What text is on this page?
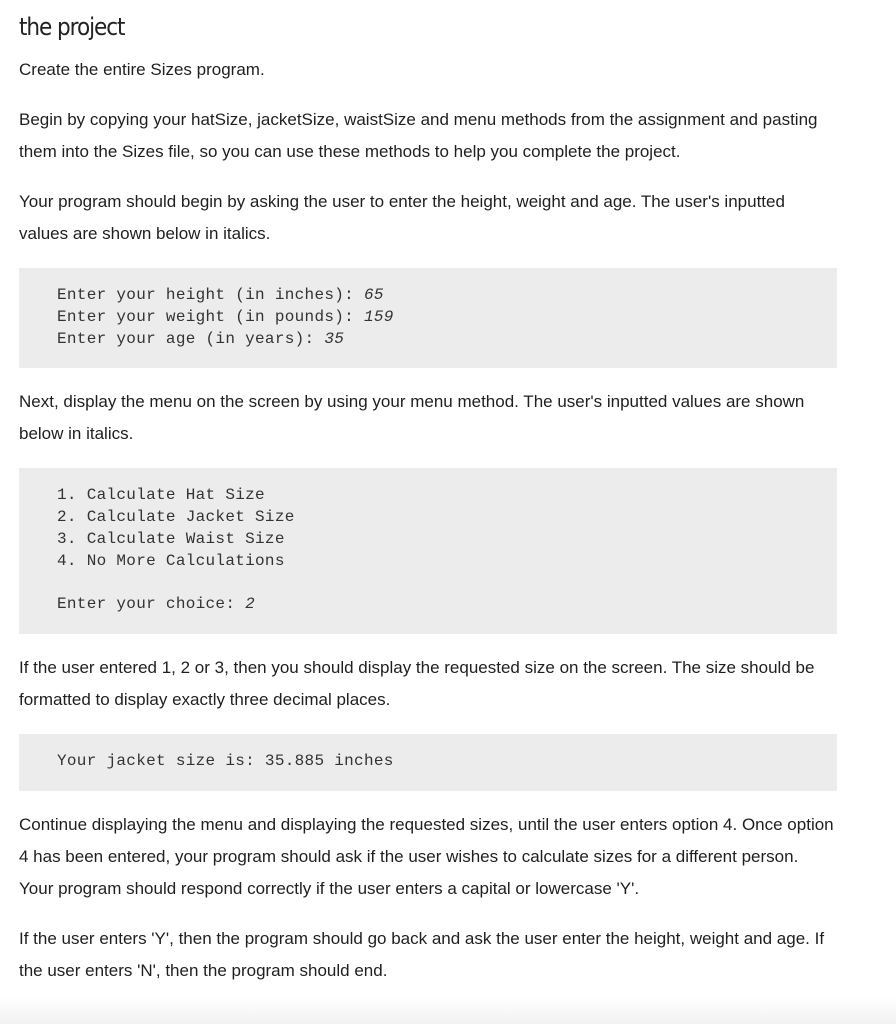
the project

Create the entire Sizes program.

Begin by copying your hatSize, jacketSize, waistSize and menu methods from the assignment and pasting them into the Sizes file, so you can use these methods to help you complete the project.

Your program should begin by asking the user to enter the height, weight and age. The user's inputted values are shown below in italics.

Enter your height (in inches): 65
Enter your weight (in pounds): 159
Enter your age (in years): 35

Next, display the menu on the screen by using your menu method. The user's inputted values are shown below in italics.

1. Calculate Hat Size
2. Calculate Jacket Size
3. Calculate Waist Size
4. No More Calculations
Enter your choice: 2

If the user entered 1, 2 or 3, then you should display the requested size on the screen. The size should be formatted to display exactly three decimal places.

Your jacket size is: 35.885 inches

Continue displaying the menu and displaying the requested sizes, until the user enters option 4. Once option 4 has been entered, your program should ask if the user wishes to calculate sizes for a different person. Your program should respond correctly if the user enters a capital or lowercase 'Y'.

If the user enters 'Y', then the program should go back and ask the user enter the height, weight and age. If the user enters 'N', then the program should end.
